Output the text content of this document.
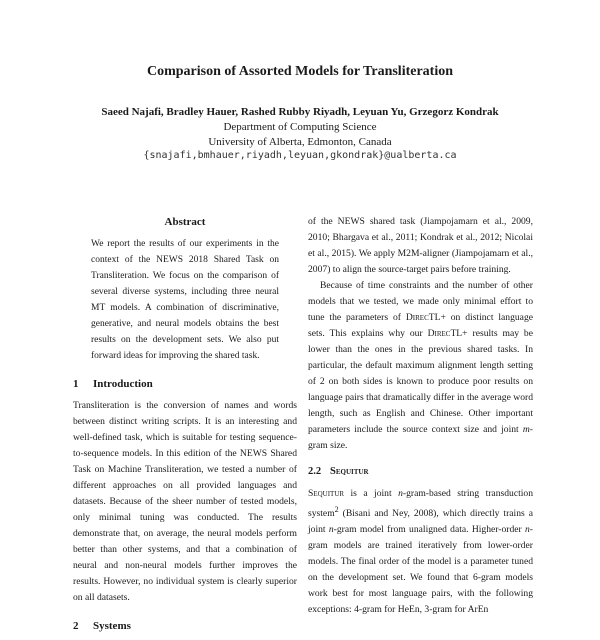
Comparison of Assorted Models for Transliteration
Saeed Najafi, Bradley Hauer, Rashed Rubby Riyadh, Leyuan Yu, Grzegorz Kondrak
Department of Computing Science
University of Alberta, Edmonton, Canada
{snajafi,bmhauer,riyadh,leyuan,gkondrak}@ualberta.ca
Abstract

We report the results of our experiments in the context of the NEWS 2018 Shared Task on Transliteration. We focus on the comparison of several diverse systems, including three neural MT models. A combination of discriminative, generative, and neural models obtains the best results on the development sets. We also put forward ideas for improving the shared task.

1 Introduction

Transliteration is the conversion of names and words between distinct writing scripts. It is an interesting and well-defined task, which is suitable for testing sequence-to-sequence models. In this edition of the NEWS Shared Task on Machine Transliteration, we tested a number of different approaches on all provided languages and datasets. Because of the sheer number of tested models, only minimal tuning was conducted. The results demonstrate that, on average, the neural models perform better than other systems, and that a combination of neural and non-neural models further improves the results. However, no individual system is clearly superior on all datasets.

2 Systems

of the NEWS shared task (Jiampojamarn et al., 2009, 2010; Bhargava et al., 2011; Kondrak et al., 2012; Nicolai et al., 2015). We apply M2M-aligner (Jiampojamarn et al., 2007) to align the source-target pairs before training.

Because of time constraints and the number of other models that we tested, we made only minimal effort to tune the parameters of DirecTL+ on distinct language sets. This explains why our DirecTL+ results may be lower than the ones in the previous shared tasks. In particular, the default maximum alignment length setting of 2 on both sides is known to produce poor results on language pairs that dramatically differ in the average word length, such as English and Chinese. Other important parameters include the source context size and joint m-gram size.

2.2 Sequitur

Sequitur is a joint n-gram-based string transduction system$^2$ (Bisani and Ney, 2008), which directly trains a joint n-gram model from unaligned data. Higher-order n-gram models are trained iteratively from lower-order models. The final order of the model is a parameter tuned on the development set. We found that 6-gram models work best for most language pairs, with the following exceptions: 4-gram for HeEn, 3-gram for ArEn
